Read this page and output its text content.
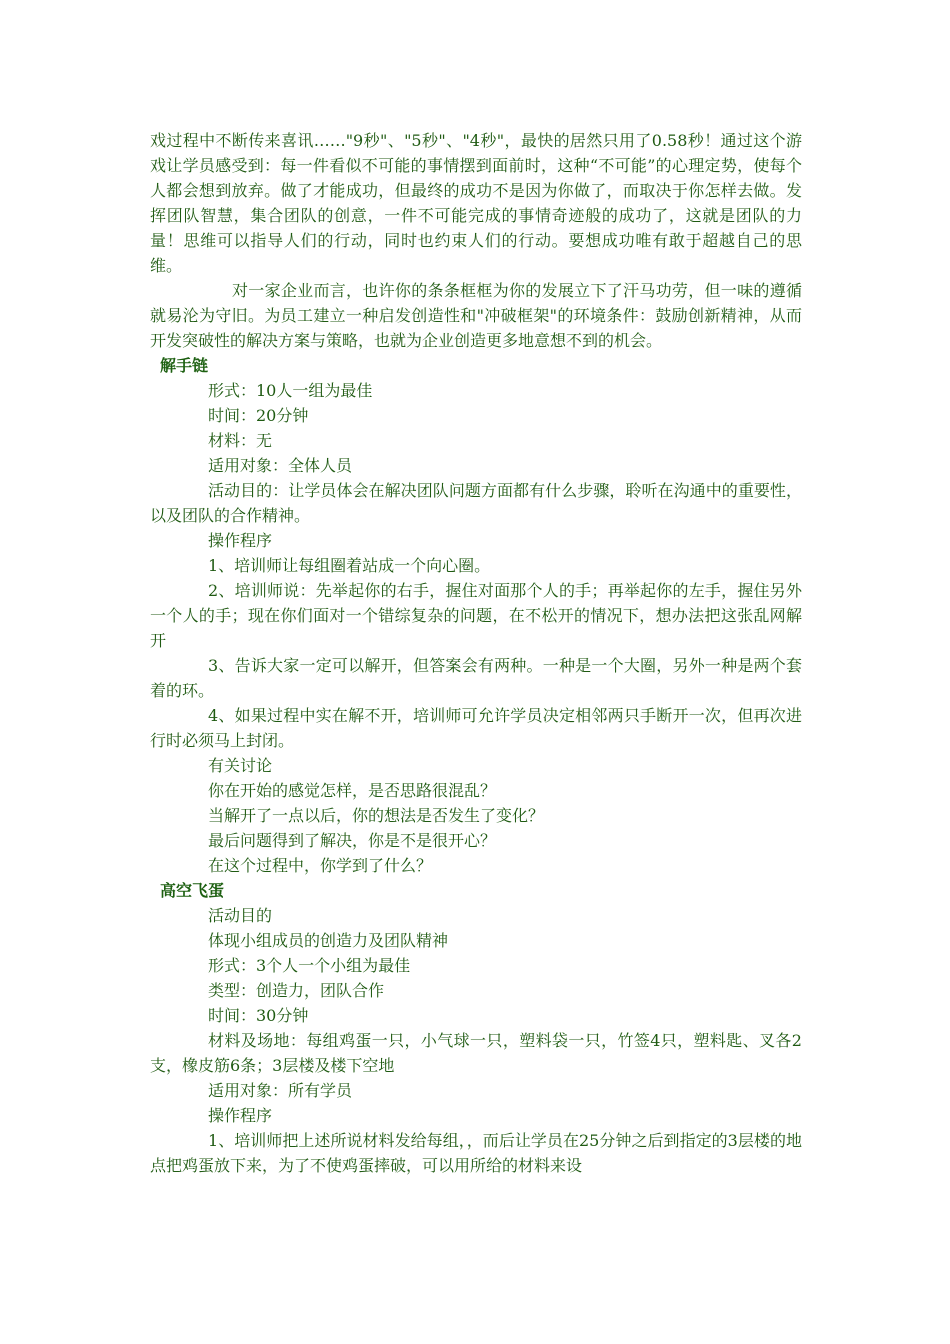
戏过程中不断传来喜讯……"9秒"、"5秒"、"4秒"，最快的居然只用了0.58秒！通过这个游戏让学员感受到：每一件看似不可能的事情摆到面前时，这种“不可能”的心理定势，使每个人都会想到放弃。做了才能成功，但最终的成功不是因为你做了，而取决于你怎样去做。发挥团队智慧，集合团队的创意，一件不可能完成的事情奇迹般的成功了，这就是团队的力量！思维可以指导人们的行动，同时也约束人们的行动。要想成功唯有敢于超越自己的思维。

对一家企业而言，也许你的条条框框为你的发展立下了汗马功劳，但一味的遵循就易沦为守旧。为员工建立一种启发创造性和"冲破框架"的环境条件：鼓励创新精神，从而开发突破性的解决方案与策略，也就为企业创造更多地意想不到的机会。

解手链

形式：10人一组为最佳

时间：20分钟

材料：无

适用对象：全体人员

活动目的：让学员体会在解决团队问题方面都有什么步骤，聆听在沟通中的重要性，以及团队的合作精神。

操作程序

1、培训师让每组圈着站成一个向心圈。

2、培训师说：先举起你的右手，握住对面那个人的手；再举起你的左手，握住另外一个人的手；现在你们面对一个错综复杂的问题，在不松开的情况下，想办法把这张乱网解开

3、告诉大家一定可以解开，但答案会有两种。一种是一个大圈，另外一种是两个套着的环。

4、如果过程中实在解不开，培训师可允许学员决定相邻两只手断开一次，但再次进行时必须马上封闭。

有关讨论

你在开始的感觉怎样，是否思路很混乱？

当解开了一点以后，你的想法是否发生了变化？

最后问题得到了解决，你是不是很开心？

在这个过程中，你学到了什么？

高空飞蛋

活动目的

体现小组成员的创造力及团队精神

形式：3个人一个小组为最佳

类型：创造力，团队合作

时间：30分钟

材料及场地：每组鸡蛋一只，小气球一只，塑料袋一只，竹签4只，塑料匙、叉各2支，橡皮筋6条；3层楼及楼下空地

适用对象：所有学员

操作程序

1、培训师把上述所说材料发给每组，，而后让学员在25分钟之后到指定的3层楼的地点把鸡蛋放下来，为了不使鸡蛋摔破，可以用所给的材料来设
